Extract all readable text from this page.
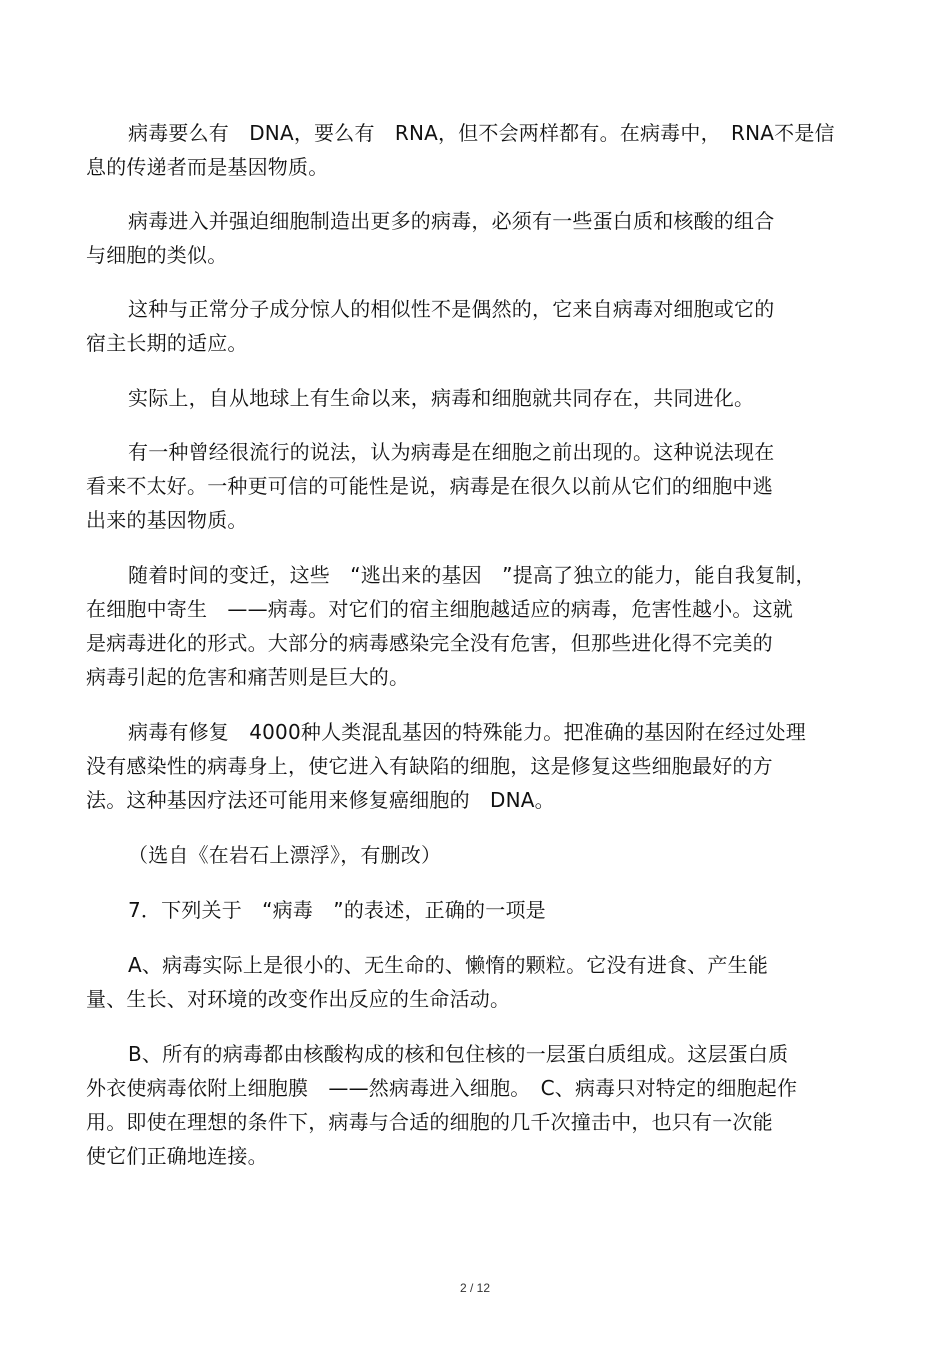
病毒要么有　DNA，要么有　RNA，但不会两样都有。在病毒中，　RNA不是信
息的传递者而是基因物质。
病毒进入并强迫细胞制造出更多的病毒，必须有一些蛋白质和核酸的组合
与细胞的类似。
这种与正常分子成分惊人的相似性不是偶然的，它来自病毒对细胞或它的
宿主长期的适应。
实际上，自从地球上有生命以来，病毒和细胞就共同存在，共同进化。
有一种曾经很流行的说法，认为病毒是在细胞之前出现的。这种说法现在
看来不太好。一种更可信的可能性是说，病毒是在很久以前从它们的细胞中逃
出来的基因物质。
随着时间的变迁，这些　“逃出来的基因　”提高了独立的能力，能自我复制，
在细胞中寄生　——病毒。对它们的宿主细胞越适应的病毒，危害性越小。这就
是病毒进化的形式。大部分的病毒感染完全没有危害，但那些进化得不完美的
病毒引起的危害和痛苦则是巨大的。
病毒有修复　4000种人类混乱基因的特殊能力。把准确的基因附在经过处理
没有感染性的病毒身上，使它进入有缺陷的细胞，这是修复这些细胞最好的方
法。这种基因疗法还可能用来修复癌细胞的　DNA。
（选自《在岩石上漂浮》，有删改）
7．下列关于　“病毒　”的表述，正确的一项是
A、病毒实际上是很小的、无生命的、懒惰的颗粒。它没有进食、产生能
量、生长、对环境的改变作出反应的生命活动。
B、所有的病毒都由核酸构成的核和包住核的一层蛋白质组成。这层蛋白质
外衣使病毒依附上细胞膜　——然病毒进入细胞。　C、病毒只对特定的细胞起作
用。即使在理想的条件下，病毒与合适的细胞的几千次撞击中，也只有一次能
使它们正确地连接。
2 / 12
